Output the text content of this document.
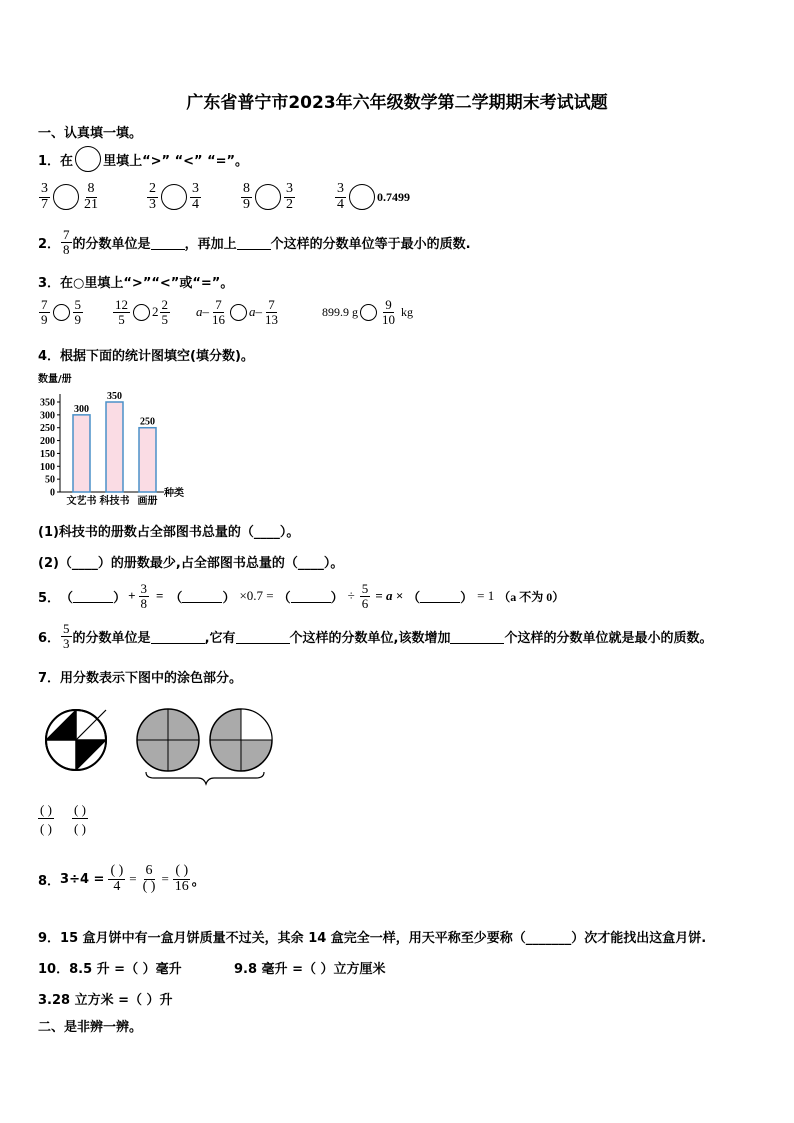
广东省普宁市2023年六年级数学第二学期期末考试试题
一、认真填一填。
1． 在 里填上“>” “<” “=”。
$\frac{3}{7} \frac{8}{21}$	$\frac{2}{3} \frac{3}{4}$	$\frac{8}{9} \frac{3}{2}$	$\frac{3}{4}$	0.7499
2． $\frac{7}{8}$ 的分数单位是	，再加上	个这样的分数单位等于最小的质数.
3．在○里填上“>”“<”或“=”。
$\frac{7}{9} \frac{5}{9} \frac{12}{5} 2 \frac{2}{5}$ a – $\frac{7}{16}$ a – $\frac{7}{13}$	899.9 g $\frac{9}{10}$ kg
4．根据下面的统计图填空(填分数)。
数量/册
0
50
100
150
200
250
300
350
300
文艺书
350
科技书
250
画册
种类
(1)科技书的册数占全部图书总量的（____）。
(2)（____）的册数最少,占全部图书总量的（____）。
5． （	） + $\frac{3}{8}$ = （	） ×0.7 = （	） ÷ $\frac{5}{6} = a$ × （	） = 1 （a 不为 0）
6． $\frac{5}{3}$ 的分数单位是	,它有	个这样的分数单位,该数增加	个这样的分数单位就是最小的质数。
7．用分数表示下图中的涂色部分。
( )
( )
( )
( )
8． $3\div 4 = \frac{( )}{4} = \frac{6}{( )} = \frac{( )}{16}$ 。
9．15 盒月饼中有一盒月饼质量不过关，其余 14 盒完全一样，用天平称至少要称（_______）次才能找出这盒月饼.
10．8.5 升 =（ ）毫升	9.8 毫升 =（ ）立方厘米
3.28 立方米 =（ ）升
二、是非辨一辨。
